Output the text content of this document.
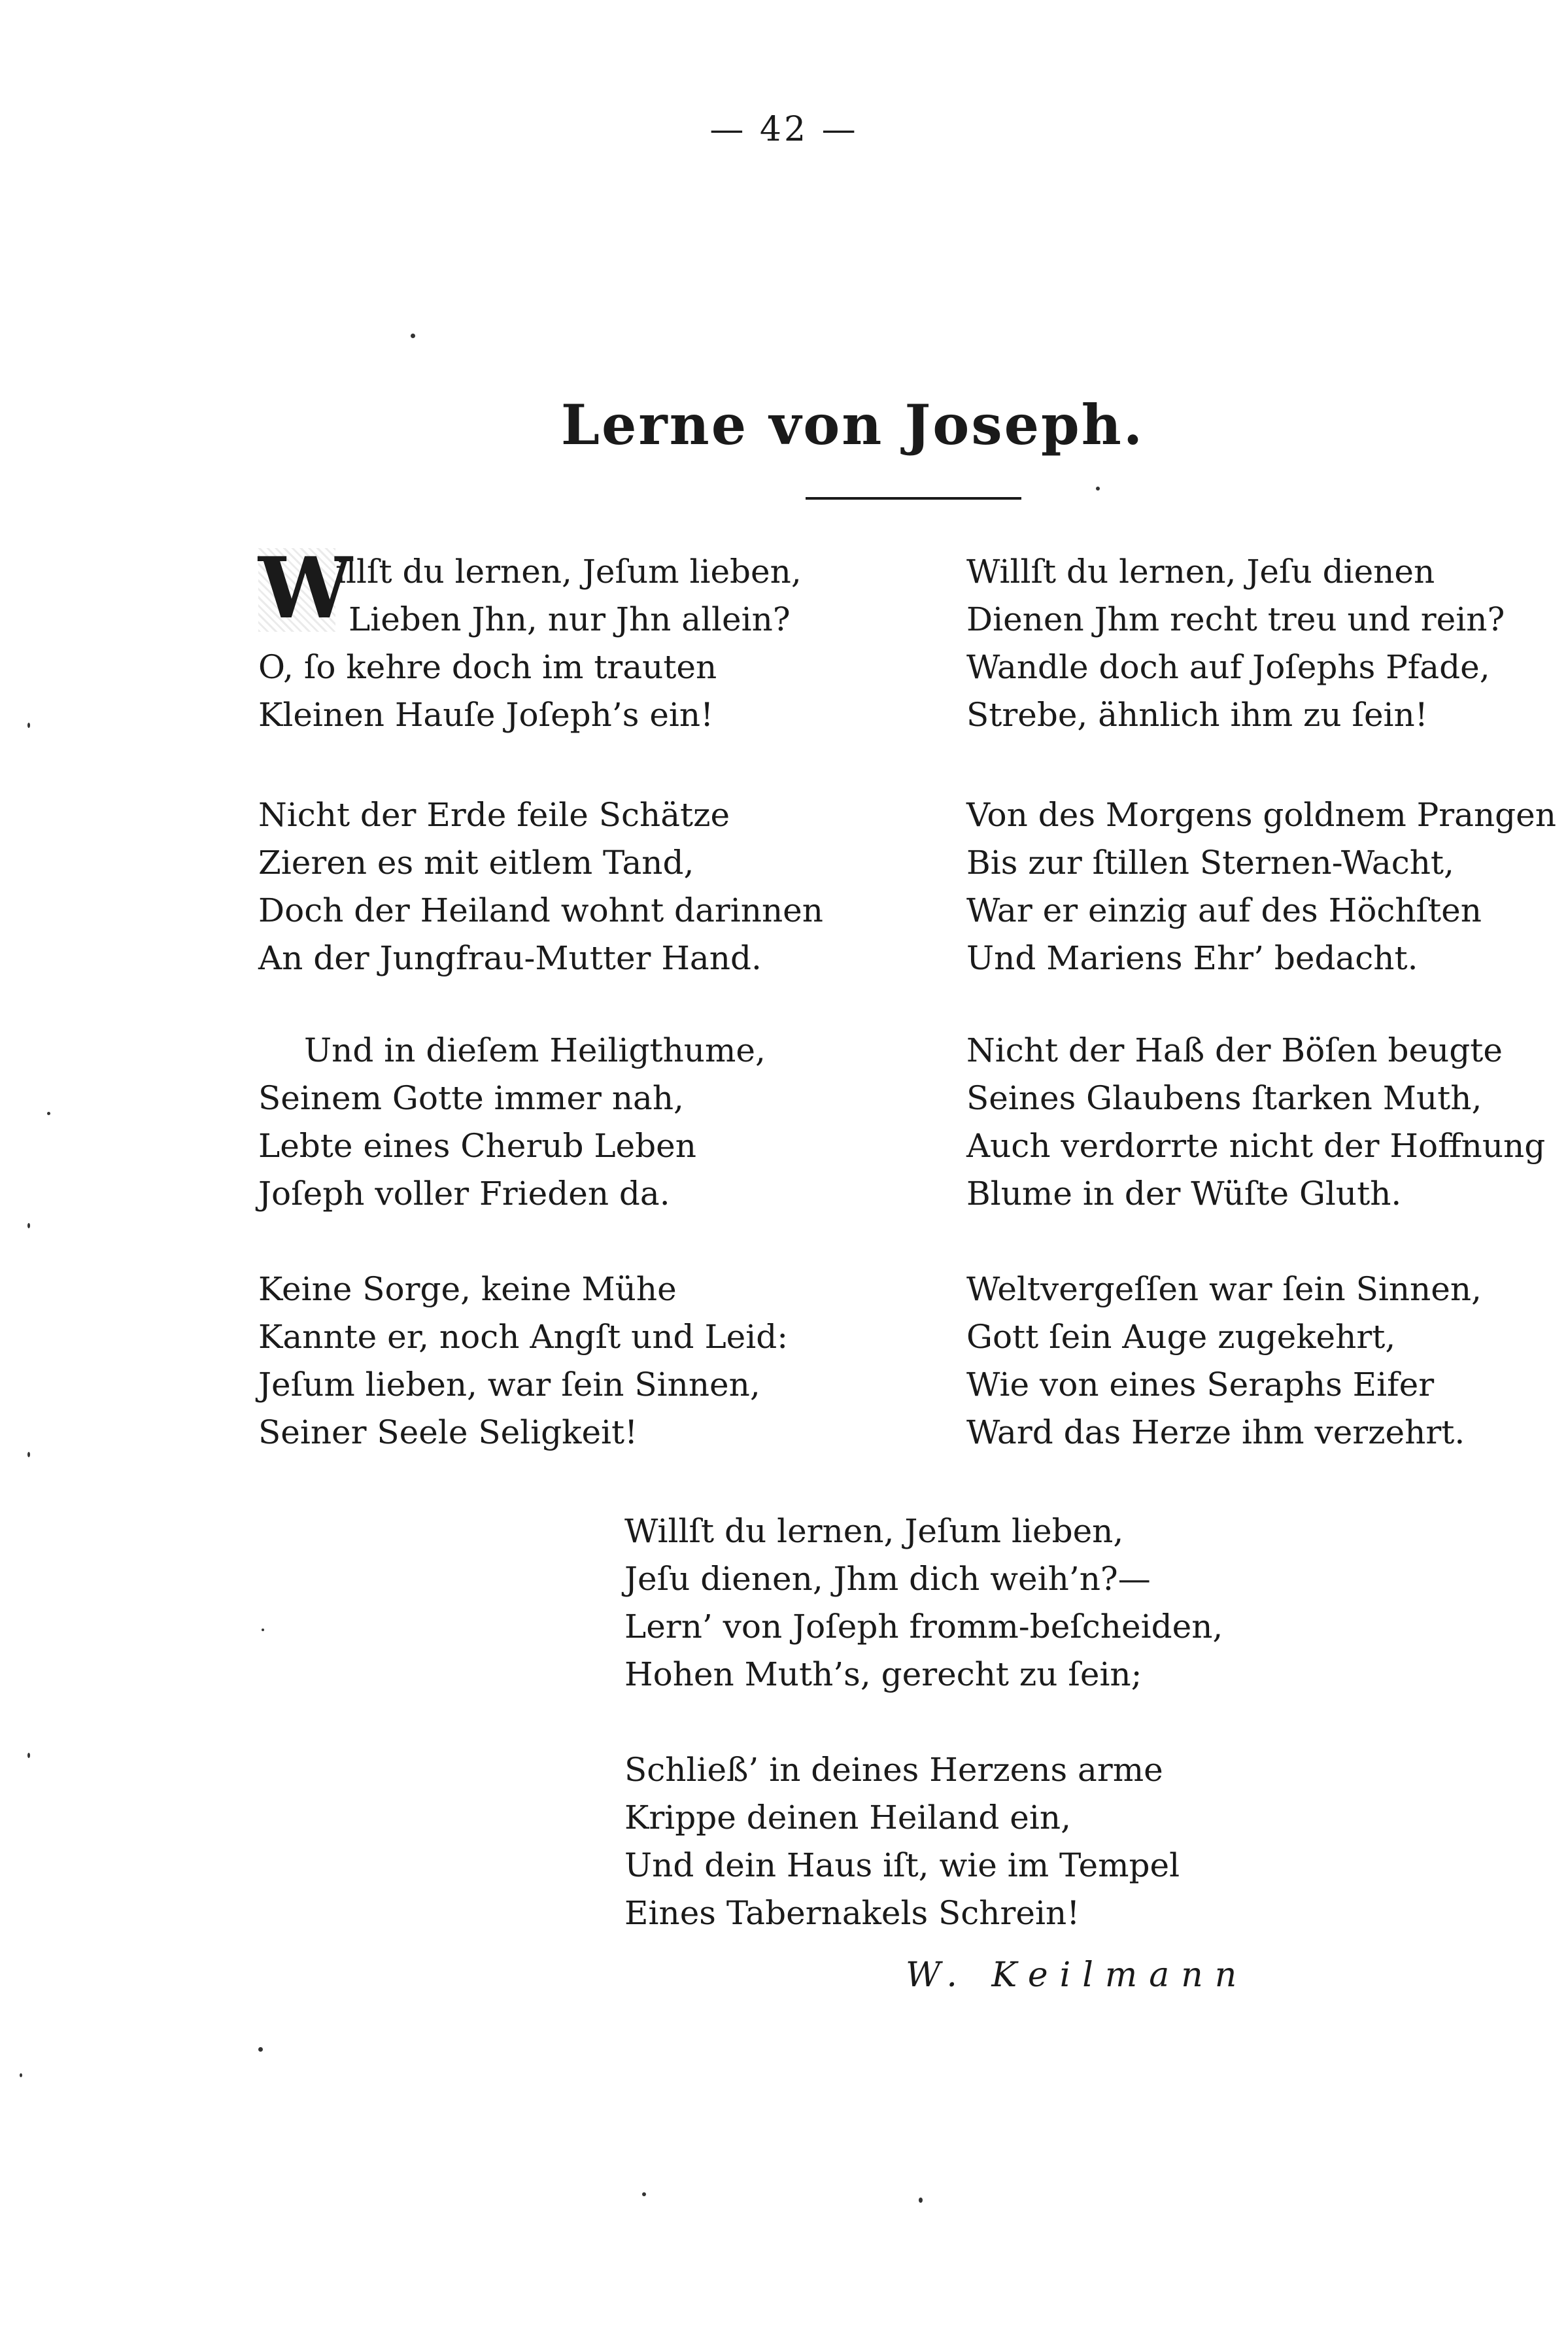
— 42 —
Lerne von Joseph.
W
illſt du lernen, Jeſum lieben,
Lieben Jhn, nur Jhn allein?
O, ſo kehre doch im trauten
Kleinen Hauſe Joſeph’s ein!
Nicht der Erde feile Schätze
Zieren es mit eitlem Tand,
Doch der Heiland wohnt darinnen
An der Jungfrau-Mutter Hand.
Und in dieſem Heiligthume,
Seinem Gotte immer nah,
Lebte eines Cherub Leben
Joſeph voller Frieden da.
Keine Sorge, keine Mühe
Kannte er, noch Angſt und Leid:
Jeſum lieben, war ſein Sinnen,
Seiner Seele Seligkeit!
Willſt du lernen, Jeſu dienen
Dienen Jhm recht treu und rein?
Wandle doch auf Joſephs Pfade,
Strebe, ähnlich ihm zu ſein!
Von des Morgens goldnem Prangen
Bis zur ſtillen Sternen-Wacht,
War er einzig auf des Höchſten
Und Mariens Ehr’ bedacht.
Nicht der Haß der Böſen beugte
Seines Glaubens ſtarken Muth,
Auch verdorrte nicht der Hoffnung
Blume in der Wüſte Gluth.
Weltvergeſſen war ſein Sinnen,
Gott ſein Auge zugekehrt,
Wie von eines Seraphs Eifer
Ward das Herze ihm verzehrt.
Willſt du lernen, Jeſum lieben,
Jeſu dienen, Jhm dich weih’n?—
Lern’ von Joſeph fromm-beſcheiden,
Hohen Muth’s, gerecht zu ſein;
Schließ’ in deines Herzens arme
Krippe deinen Heiland ein,
Und dein Haus iſt, wie im Tempel
Eines Tabernakels Schrein!
W. Keilmann
